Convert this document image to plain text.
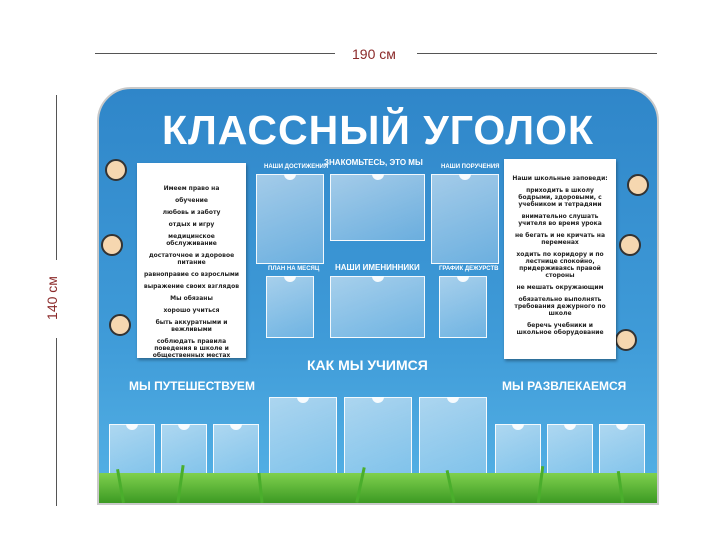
190 см
140 см
КЛАССНЫЙ УГОЛОК
Имеем право на
обучение
любовь и заботу
отдых и игру
медицинское обслуживание
достаточное и здоровое питание
равноправие со взрослыми
выражение своих взглядов
Мы обязаны
хорошо учиться
быть аккуратными и вежливыми
соблюдать правила поведения в школе и общественных местах
Наши школьные заповеди:
приходить в школу бодрыми, здоровыми, с учебником и тетрадями
внимательно слушать учителя во время урока
не бегать и не кричать на переменах
ходить по коридору и по лестнице спокойно, придерживаясь правой стороны
не мешать окружающим
обязательно выполнять требования дежурного по школе
беречь учебники и школьное оборудование
НАШИ ДОСТИЖЕНИЯ
ЗНАКОМЬТЕСЬ, ЭТО МЫ	НАШИ ПОРУЧЕНИЯ
ПЛАН НА МЕСЯЦ НАШИ ИМЕНИННИКИ	ГРАФИК ДЕЖУРСТВ
КАК МЫ УЧИМСЯ
МЫ ПУТЕШЕСТВУЕМ	МЫ РАЗВЛЕКАЕМСЯ
